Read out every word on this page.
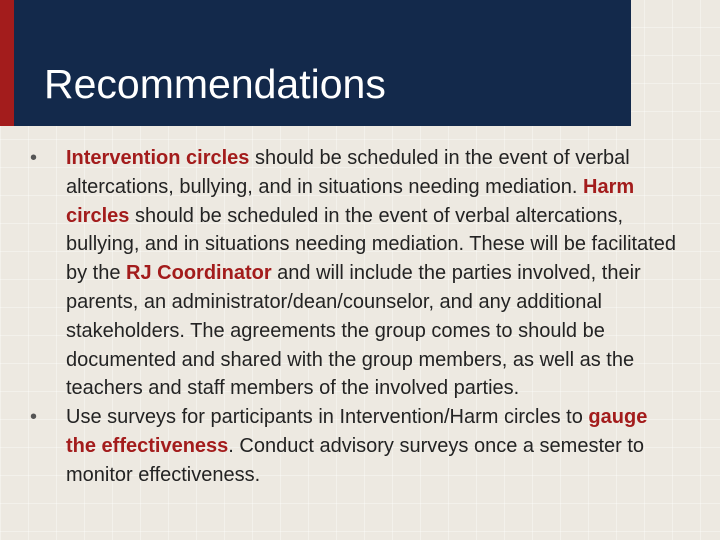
Recommendations
•	Intervention circles should be scheduled in the event of verbal altercations, bullying, and in situations needing mediation. Harm circles should be scheduled in the event of verbal altercations, bullying, and in situations needing mediation. These will be facilitated by the RJ Coordinator and will include the parties involved, their parents, an administrator/dean/counselor, and any additional stakeholders. The agreements the group comes to should be documented and shared with the group members, as well as the teachers and staff members of the involved parties.
•	Use surveys for participants in Intervention/Harm circles to gauge the effectiveness. Conduct advisory surveys once a semester to monitor effectiveness.
